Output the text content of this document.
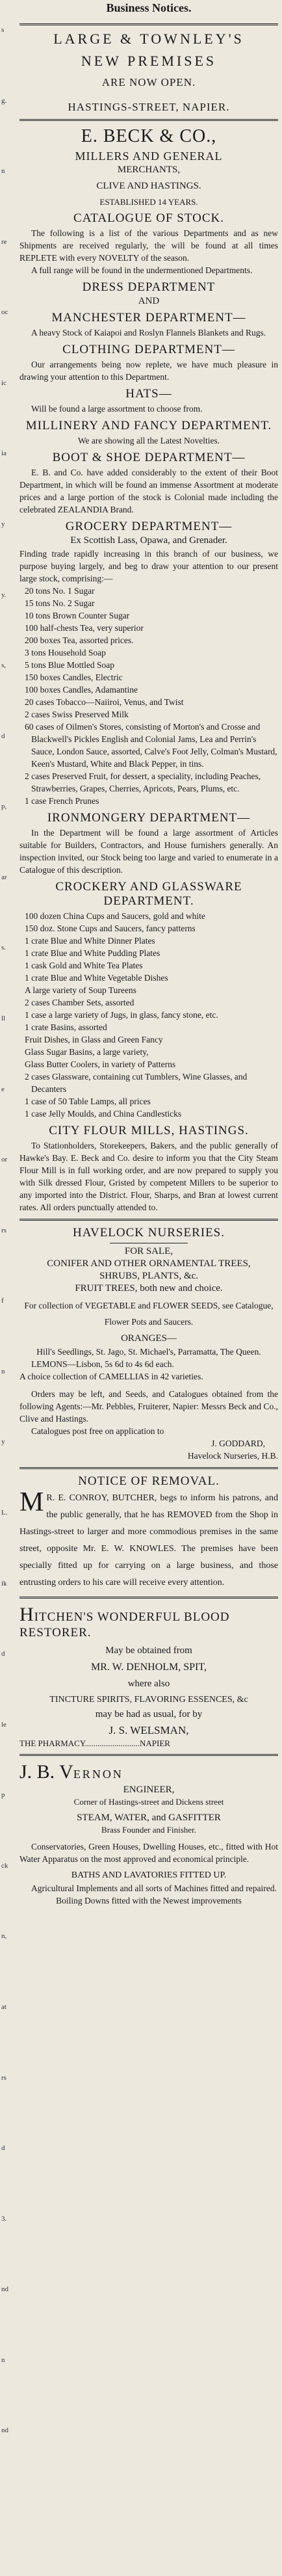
s
g.
n
re
oc
ic
ia
y
y.
s,
d
p,
ar
s.
ll
e
or
rs
f
n
y
L.
ik
d
le
p
ck
n,
at
rs
d
3.
nd
n
nd
Business Notices.
LARGE & TOWNLEY'S
NEW PREMISES
ARE NOW OPEN.
HASTINGS-STREET, NAPIER.
E. BECK & CO.,
MILLERS AND GENERAL
MERCHANTS,
CLIVE AND HASTINGS.
ESTABLISHED 14 YEARS.
CATALOGUE OF STOCK.

The following is a list of the various Departments and as new Shipments are received regularly, the will be found at all times REPLETE with every NOVELTY of the season.

A full range will be found in the undermentioned Departments.

DRESS DEPARTMENT
AND
MANCHESTER DEPARTMENT—

A heavy Stock of Kaiapoi and Roslyn Flannels Blankets and Rugs.

CLOTHING DEPARTMENT—

Our arrangements being now replete, we have much pleasure in drawing your attention to this Department.

HATS—

Will be found a large assortment to choose from.

MILLINERY AND FANCY DEPARTMENT.

We are showing all the Latest Novelties.

BOOT & SHOE DEPARTMENT—

E. B. and Co. have added considerably to the extent of their Boot Department, in which will be found an immense Assortment at moderate prices and a large portion of the stock is Colonial made including the celebrated ZEALANDIA Brand.

GROCERY DEPARTMENT—
Ex Scottish Lass, Opawa, and Grenader.

Finding trade rapidly increasing in this branch of our business, we purpose buying largely, and beg to draw your attention to our present large stock, comprising:—

20 tons No. 1 Sugar
15 tons No. 2 Sugar
10 tons Brown Counter Sugar
100 half-chests Tea, very superior
200 boxes Tea, assorted prices.
3 tons Household Soap
5 tons Blue Mottled Soap
150 boxes Candles, Electric
100 boxes Candles, Adamantine
20 cases Tobacco—Naiiroi, Venus, and Twist
2 cases Swiss Preserved Milk
60 cases of Oilmen's Stores, consisting of Morton's and Crosse and Blackwell's Pickles English and Colonial Jams, Lea and Perrin's Sauce, London Sauce, assorted, Calve's Foot Jelly, Colman's Mustard, Keen's Mustard, White and Black Pepper, in tins.
2 cases Preserved Fruit, for dessert, a speciality, including Peaches, Strawberries, Grapes, Cherries, Apricots, Pears, Plums, etc.
1 case French Prunes
IRONMONGERY DEPARTMENT—

In the Department will be found a large assortment of Articles suitable for Builders, Contractors, and House furnishers generally. An inspection invited, our Stock being too large and varied to enumerate in a Catalogue of this description.

CROCKERY AND GLASSWARE DEPARTMENT.
100 dozen China Cups and Saucers, gold and white
150 doz. Stone Cups and Saucers, fancy patterns
1 crate Blue and White Dinner Plates
1 crate Blue and White Pudding Plates
1 cask Gold and White Tea Plates
1 crate Blue and White Vegetable Dishes
A large variety of Soup Tureens
2 cases Chamber Sets, assorted
1 case a large variety of Jugs, in glass, fancy stone, etc.
1 crate Basins, assorted
Fruit Dishes, in Glass and Green Fancy
Glass Sugar Basins, a large variety,
Glass Butter Coolers, in variety of Patterns
2 cases Glassware, containing cut Tumblers, Wine Glasses, and Decanters
1 case of 50 Table Lamps, all prices
1 case Jelly Moulds, and China Candlesticks
CITY FLOUR MILLS, HASTINGS.

To Stationholders, Storekeepers, Bakers, and the public generally of Hawke's Bay. E. Beck and Co. desire to inform you that the City Steam Flour Mill is in full working order, and are now prepared to supply you with Silk dressed Flour, Gristed by competent Millers to be superior to any imported into the District. Flour, Sharps, and Bran at lowest current rates. All orders punctually attended to.

HAVELOCK NURSERIES.
FOR SALE,
CONIFER AND OTHER ORNAMENTAL TREES,
SHRUBS, PLANTS, &c.
FRUIT TREES, both new and choice.

For collection of VEGETABLE and FLOWER SEEDS, see Catalogue,

Flower Pots and Saucers.

ORANGES—

Hill's Seedlings, St. Jago, St. Michael's, Parramatta, The Queen.

LEMONS—Lisbon, 5s 6d to 4s 6d each.

A choice collection of CAMELLIAS in 42 varieties.

Orders may be left, and Seeds, and Catalogues obtained from the following Agents:—Mr. Pebbles, Fruiterer, Napier: Messrs Beck and Co., Clive and Hastings.

Catalogues post free on application to

J. GODDARD,
Havelock Nurseries, H.B.
NOTICE OF REMOVAL.

M R. E. CONROY, BUTCHER, begs to inform his patrons, and the public generally, that he has REMOVED from the Shop in Hastings-street to larger and more commodious premises in the same street, opposite Mr. E. W. KNOWLES. The premises have been specially fitted up for carrying on a large business, and those entrusting orders to his care will receive every attention.

HITCHEN'S WONDERFUL BLOOD RESTORER.
May be obtained from
MR. W. DENHOLM, SPIT,
where also
TINCTURE SPIRITS, FLAVORING ESSENCES, &c
may be had as usual, for by
J. S. WELSMAN,
THE PHARMACY..........................NAPIER
J. B. VERNON
ENGINEER,
Corner of Hastings-street and Dickens street
STEAM, WATER, and GASFITTER
Brass Founder and Finisher.

Conservatories, Green Houses, Dwelling Houses, etc., fitted with Hot Water Apparatus on the most approved and economical principle.

BATHS AND LAVATORIES FITTED UP.

Agricultural Implements and all sorts of Machines fitted and repaired.

Boiling Downs fitted with the Newest improvements
